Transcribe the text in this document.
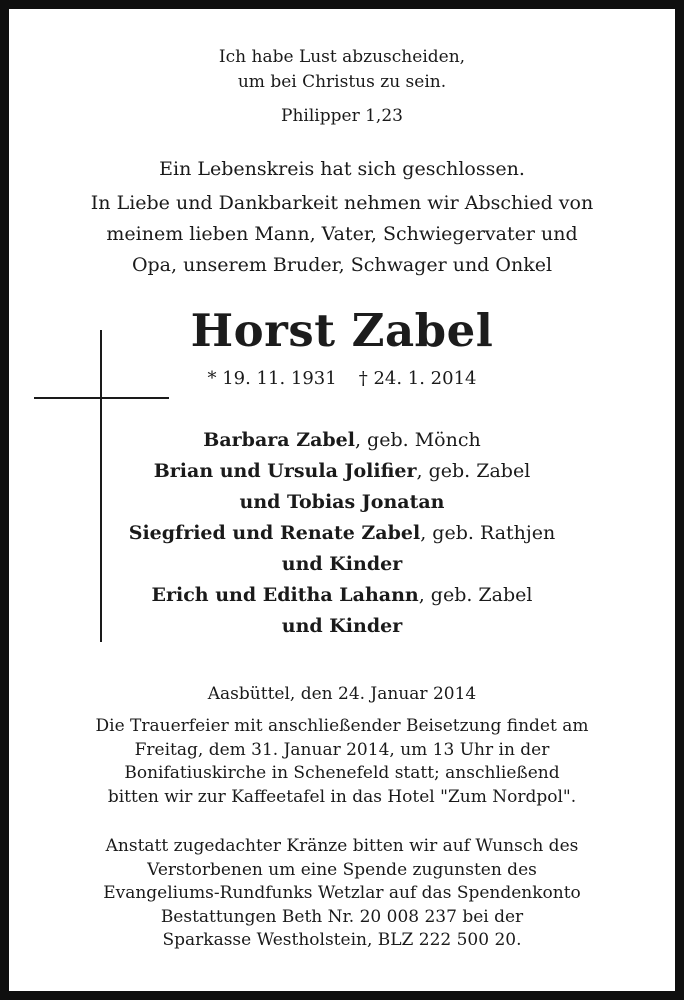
Ich habe Lust abzuscheiden,
um bei Christus zu sein.
Philipper 1,23
Ein Lebenskreis hat sich geschlossen.
In Liebe und Dankbarkeit nehmen wir Abschied von
meinem lieben Mann, Vater, Schwiegervater und
Opa, unserem Bruder, Schwager und Onkel
Horst Zabel
* 19. 11. 1931 † 24. 1. 2014
Barbara Zabel, geb. Mönch
Brian und Ursula Jolifier, geb. Zabel
und Tobias Jonatan
Siegfried und Renate Zabel, geb. Rathjen
und Kinder
Erich und Editha Lahann, geb. Zabel
und Kinder
Aasbüttel, den 24. Januar 2014
Die Trauerfeier mit anschließender Beisetzung findet am
Freitag, dem 31. Januar 2014, um 13 Uhr in der
Bonifatiuskirche in Schenefeld statt; anschließend
bitten wir zur Kaffeetafel in das Hotel "Zum Nordpol".
Anstatt zugedachter Kränze bitten wir auf Wunsch des
Verstorbenen um eine Spende zugunsten des
Evangeliums-Rundfunks Wetzlar auf das Spendenkonto
Bestattungen Beth Nr. 20 008 237 bei der
Sparkasse Westholstein, BLZ 222 500 20.
